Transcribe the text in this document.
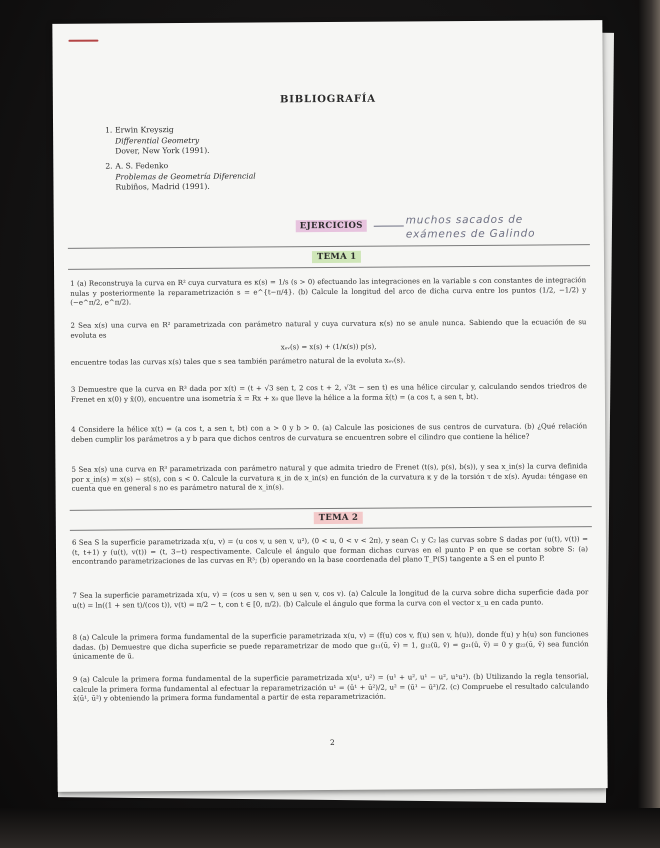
BIBLIOGRAFÍA
1. Erwin Kreyszig
Differential Geometry
Dover, New York (1991).
2. A. S. Fedenko
Problemas de Geometría Diferencial
Rubiños, Madrid (1991).
EJERCICIOS	muchos sacados de
exámenes de Galindo
TEMA 1
1 (a) Reconstruya la curva en R² cuya curvatura es κ(s) = 1/s (s > 0) efectuando las integraciones en la variable s con constantes de integración nulas y posteriormente la reparametrización s = e^{t−π/4}. (b) Calcule la longitud del arco de dicha curva entre los puntos (1/2, −1/2) y (−e^π/2, e^π/2).
2 Sea x(s) una curva en R² parametrizada con parámetro natural y cuya curvatura κ(s) no se anule nunca. Sabiendo que la ecuación de su evoluta es
xₑᵥ(s) = x(s) + (1/κ(s)) p(s),
encuentre todas las curvas x(s) tales que s sea también parámetro natural de la evoluta xₑᵥ(s).
3 Demuestre que la curva en R³ dada por x(t) = (t + √3 sen t, 2 cos t + 2, √3t − sen t) es una hélice circular y, calculando sendos triedros de Frenet en x(0) y x̄(0), encuentre una isometría x̄ = Rx + x₀ que lleve la hélice a la forma x̄(t) = (a cos t, a sen t, bt).
4 Considere la hélice x(t) = (a cos t, a sen t, bt) con a > 0 y b > 0. (a) Calcule las posiciones de sus centros de curvatura. (b) ¿Qué relación deben cumplir los parámetros a y b para que dichos centros de curvatura se encuentren sobre el cilindro que contiene la hélice?
5 Sea x(s) una curva en R³ parametrizada con parámetro natural y que admita triedro de Frenet (t(s), p(s), b(s)), y sea x_in(s) la curva definida por x_in(s) = x(s) − st(s), con s < 0. Calcule la curvatura κ_in de x_in(s) en función de la curvatura κ y de la torsión τ de x(s). Ayuda: téngase en cuenta que en general s no es parámetro natural de x_in(s).
TEMA 2
6 Sea S la superficie parametrizada x(u, v) = (u cos v, u sen v, u²), (0 < u, 0 < v < 2π), y sean C₁ y C₂ las curvas sobre S dadas por (u(t), v(t)) = (t, t+1) y (u(t), v(t)) = (t, 3−t) respectivamente. Calcule el ángulo que forman dichas curvas en el punto P en que se cortan sobre S: (a) encontrando parametrizaciones de las curvas en R³; (b) operando en la base coordenada del plano T_P(S) tangente a S en el punto P.
7 Sea la superficie parametrizada x(u, v) = (cos u sen v, sen u sen v, cos v). (a) Calcule la longitud de la curva sobre dicha superficie dada por u(t) = ln((1 + sen t)/(cos t)), v(t) = π/2 − t, con t ∈ [0, π/2). (b) Calcule el ángulo que forma la curva con el vector x_u en cada punto.
8 (a) Calcule la primera forma fundamental de la superficie parametrizada x(u, v) = (f(u) cos v, f(u) sen v, h(u)), donde f(u) y h(u) son funciones dadas. (b) Demuestre que dicha superficie se puede reparametrizar de modo que g₁₁(ū, v̄) = 1, g₁₂(ū, v̄) = g₂₁(ū, v̄) = 0 y g₂₂(ū, v̄) sea función únicamente de ū.
9 (a) Calcule la primera forma fundamental de la superficie parametrizada x(u¹, u²) = (u¹ + u², u¹ − u², u¹u²). (b) Utilizando la regla tensorial, calcule la primera forma fundamental al efectuar la reparametrización u¹ = (ū¹ + ū²)/2, u² = (ū¹ − ū²)/2. (c) Compruebe el resultado calculando x̄(ū¹, ū²) y obteniendo la primera forma fundamental a partir de esta reparametrización.
2
